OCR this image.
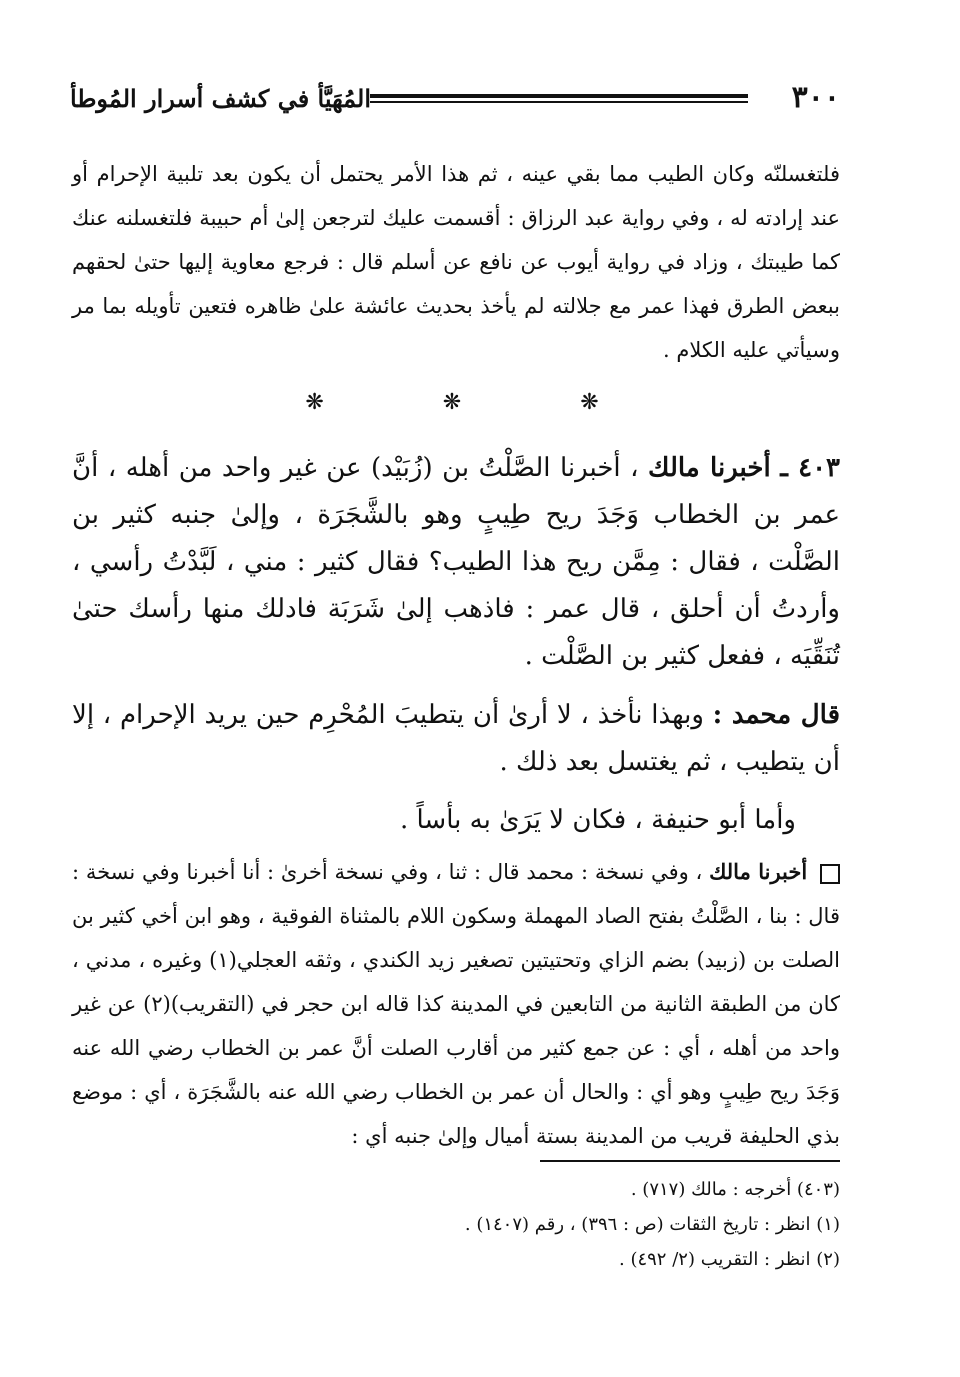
٣٠٠
المُهَيَّأ في كشف أسرار المُوطأ

فلتغسلنّه وكان الطيب مما بقي عينه ، ثم هذا الأمر يحتمل أن يكون بعد تلبية الإحرام أو عند إرادته له ، وفي رواية عبد الرزاق : أقسمت عليك لترجعن إلىٰ أم حبيبة فلتغسلنه عنك كما طيبتك ، وزاد في رواية أيوب عن نافع عن أسلم قال : فرجع معاوية إليها حتىٰ لحقهم ببعض الطرق فهذا عمر مع جلالته لم يأخذ بحديث عائشة علىٰ ظاهره فتعين تأويله بما مر وسيأتي عليه الكلام .

❋ ❋ ❋

٤٠٣ ـ أخبرنا مالك ، أخبرنا الصَّلْتُ بن (زُبَيْد) عن غير واحد من أهله ، أنَّ عمر بن الخطاب وَجَدَ ريح طِيبٍ وهو بالشَّجَرَة ، وإلىٰ جنبه كثير بن الصَّلْت ، فقال : مِمَّن ريح هذا الطيب؟ فقال كثير : مني ، لَبَّدْتُ رأسي ، وأردتُ أن أحلق ، قال عمر : فاذهب إلىٰ شَرَبَة فادلك منها رأسك حتىٰ تُنَقِّيَه ، ففعل كثير بن الصَّلْت .

قال محمد : وبهذا نأخذ ، لا أرىٰ أن يتطيبَ المُحْرِم حين يريد الإحرام ، إلا أن يتطيب ، ثم يغتسل بعد ذلك .

وأما أبو حنيفة ، فكان لا يَرَىٰ به بأساً .

أخبرنا مالك ، وفي نسخة : محمد قال : ثنا ، وفي نسخة أخرىٰ : أنا أخبرنا وفي نسخة : قال : بنا ، الصَّلْتُ بفتح الصاد المهملة وسكون اللام بالمثناة الفوقية ، وهو ابن أخي كثير بن الصلت بن (زبيد) بضم الزاي وتحتيتين تصغير زيد الكندي ، وثقه العجلي(١) وغيره ، مدني ، كان من الطبقة الثانية من التابعين في المدينة كذا قاله ابن حجر في (التقريب)(٢) عن غير واحد من أهله ، أي : عن جمع كثير من أقارب الصلت أنَّ عمر بن الخطاب رضي الله عنه وَجَدَ ريح طِيبٍ وهو أي : والحال أن عمر بن الخطاب رضي الله عنه بالشَّجَرَة ، أي : موضع بذي الحليفة قريب من المدينة بستة أميال وإلىٰ جنبه أي :

(٤٠٣) أخرجه : مالك (٧١٧) .
(١) انظر : تاريخ الثقات (ص : ٣٩٦) ، رقم (١٤٠٧) .
(٢) انظر : التقريب (٢/ ٤٩٢) .
